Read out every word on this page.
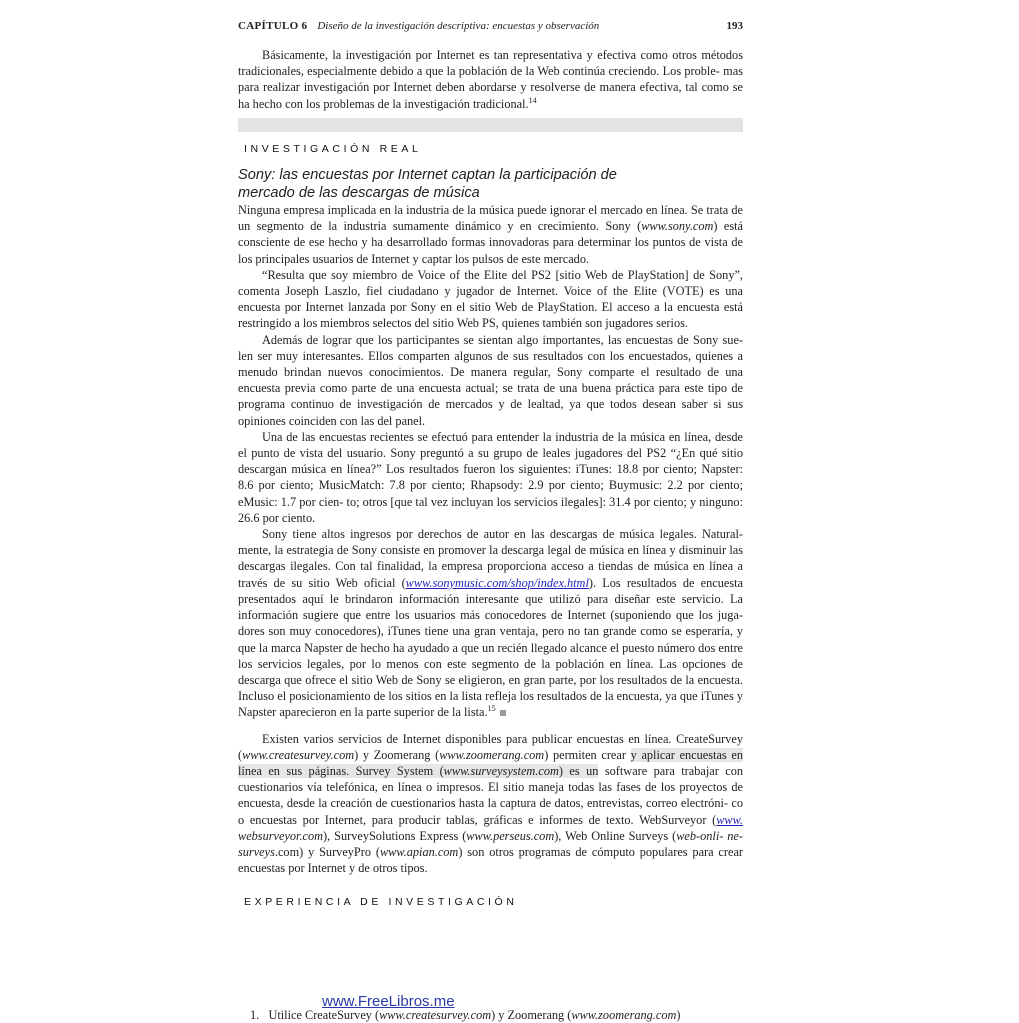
CAPÍTULO 6 Diseño de la investigación descriptiva: encuestas y observación	193

Básicamente, la investigación por Internet es tan representativa y efectiva como otros métodos tradicionales, especialmente debido a que la población de la Web continúa creciendo. Los proble- mas para realizar investigación por Internet deben abordarse y resolverse de manera efectiva, tal como se ha hecho con los problemas de la investigación tradicional.$^{14}$

INVESTIGACIÓN REAL
Sony: las encuestas por Internet captan la participación de mercado de las descargas de música

Ninguna empresa implicada en la industria de la música puede ignorar el mercado en línea. Se trata de un segmento de la industria sumamente dinámico y en crecimiento. Sony (www.sony.com) está consciente de ese hecho y ha desarrollado formas innovadoras para determinar los puntos de vista de los principales usuarios de Internet y captar los pulsos de este mercado.

“Resulta que soy miembro de Voice of the Elite del PS2 [sitio Web de PlayStation] de Sony”, comenta Joseph Laszlo, fiel ciudadano y jugador de Internet. Voice of the Elite (VOTE) es una encuesta por Internet lanzada por Sony en el sitio Web de PlayStation. El acceso a la encuesta está restringido a los miembros selectos del sitio Web PS, quienes también son jugadores serios.

Además de lograr que los participantes se sientan algo importantes, las encuestas de Sony sue- len ser muy interesantes. Ellos comparten algunos de sus resultados con los encuestados, quienes a menudo brindan nuevos conocimientos. De manera regular, Sony comparte el resultado de una encuesta previa como parte de una encuesta actual; se trata de una buena práctica para este tipo de programa continuo de investigación de mercados y de lealtad, ya que todos desean saber si sus opiniones coinciden con las del panel.

Una de las encuestas recientes se efectuó para entender la industria de la música en línea, desde el punto de vista del usuario. Sony preguntó a su grupo de leales jugadores del PS2 “¿En qué sitio descargan música en línea?” Los resultados fueron los siguientes: iTunes: 18.8 por ciento; Napster: 8.6 por ciento; MusicMatch: 7.8 por ciento; Rhapsody: 2.9 por ciento; Buymusic: 2.2 por ciento; eMusic: 1.7 por cien- to; otros [que tal vez incluyan los servicios ilegales]: 31.4 por ciento; y ninguno: 26.6 por ciento.

Sony tiene altos ingresos por derechos de autor en las descargas de música legales. Natural- mente, la estrategia de Sony consiste en promover la descarga legal de música en línea y disminuir las descargas ilegales. Con tal finalidad, la empresa proporciona acceso a tiendas de música en línea a través de su sitio Web oficial (www.sonymusic.com/shop/index.html). Los resultados de encuesta presentados aquí le brindaron información interesante que utilizó para diseñar este servicio. La información sugiere que entre los usuarios más conocedores de Internet (suponiendo que los juga- dores son muy conocedores), iTunes tiene una gran ventaja, pero no tan grande como se esperaría, y que la marca Napster de hecho ha ayudado a que un recién llegado alcance el puesto número dos entre los servicios legales, por lo menos con este segmento de la población en línea. Las opciones de descarga que ofrece el sitio Web de Sony se eligieron, en gran parte, por los resultados de la encuesta. Incluso el posicionamiento de los sitios en la lista refleja los resultados de la encuesta, ya que iTunes y Napster aparecieron en la parte superior de la lista.$^{15}$

Existen varios servicios de Internet disponibles para publicar encuestas en línea. CreateSurvey (www.createsurvey.com) y Zoomerang (www.zoomerang.com) permiten crear y aplicar encuestas en línea en sus páginas. Survey System (www.surveysystem.com) es un software para trabajar con cuestionarios vía telefónica, en línea o impresos. El sitio maneja todas las fases de los proyectos de encuesta, desde la creación de cuestionarios hasta la captura de datos, entrevistas, correo electróni- co o encuestas por Internet, para producir tablas, gráficas e informes de texto. WebSurveyor (www. websurveyor.com), SurveySolutions Express (www.perseus.com), Web Online Surveys (web-onli- ne-surveys.com) y SurveyPro (www.apian.com) son otros programas de cómputo populares para crear encuestas por Internet y de otros tipos.

EXPERIENCIA DE INVESTIGACIÓN
1. Utilice CreateSurvey (www.createsurvey.com) y Zoomerang (www.zoomerang.com)
www.FreeLibros.me
